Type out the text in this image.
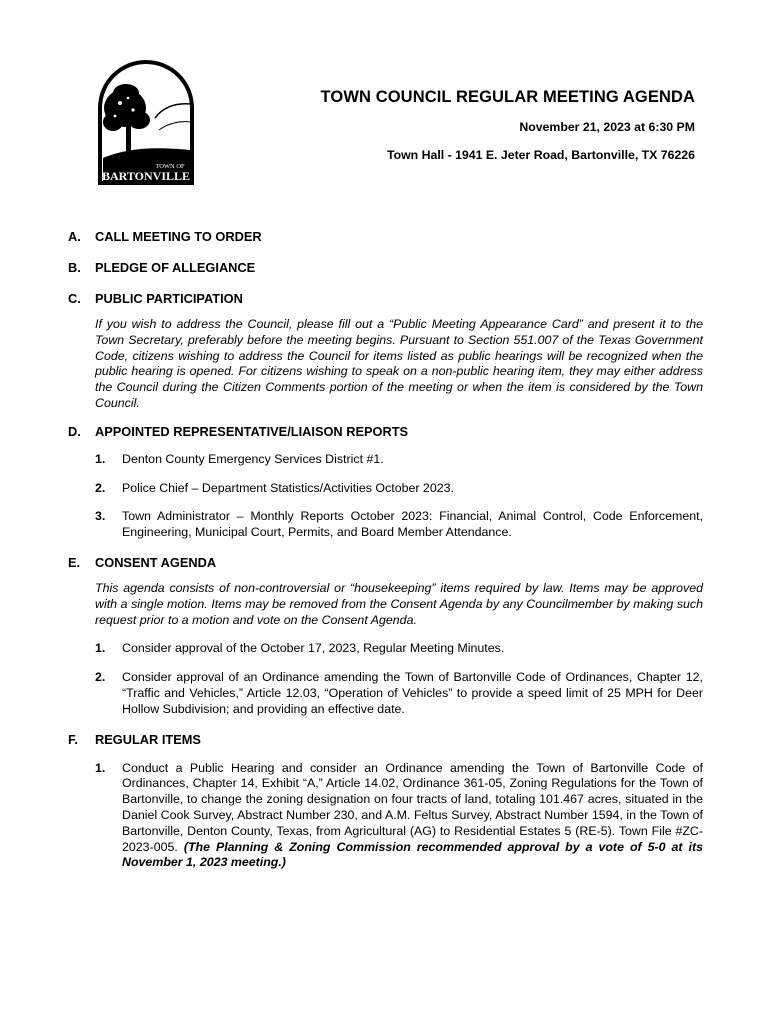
TOWN OF
BARTONVILLE
TOWN COUNCIL REGULAR MEETING AGENDA
November 21, 2023 at 6:30 PM
Town Hall - 1941 E. Jeter Road, Bartonville, TX 76226
A.	CALL MEETING TO ORDER
B.	PLEDGE OF ALLEGIANCE
C.	PUBLIC PARTICIPATION
If you wish to address the Council, please fill out a “Public Meeting Appearance Card” and present it to the Town Secretary, preferably before the meeting begins. Pursuant to Section 551.007 of the Texas Government Code, citizens wishing to address the Council for items listed as public hearings will be recognized when the public hearing is opened. For citizens wishing to speak on a non-public hearing item, they may either address the Council during the Citizen Comments portion of the meeting or when the item is considered by the Town Council.
D.	APPOINTED REPRESENTATIVE/LIAISON REPORTS
1.	Denton County Emergency Services District #1.
2.	Police Chief – Department Statistics/Activities October 2023.
3.	Town Administrator – Monthly Reports October 2023: Financial, Animal Control, Code Enforcement, Engineering, Municipal Court, Permits, and Board Member Attendance.
E.	CONSENT AGENDA
This agenda consists of non-controversial or “housekeeping” items required by law. Items may be approved with a single motion. Items may be removed from the Consent Agenda by any Councilmember by making such request prior to a motion and vote on the Consent Agenda.
1.	Consider approval of the October 17, 2023, Regular Meeting Minutes.
2.	Consider approval of an Ordinance amending the Town of Bartonville Code of Ordinances, Chapter 12, “Traffic and Vehicles,” Article 12.03, “Operation of Vehicles” to provide a speed limit of 25 MPH for Deer Hollow Subdivision; and providing an effective date.
F.	REGULAR ITEMS
1.	Conduct a Public Hearing and consider an Ordinance amending the Town of Bartonville Code of Ordinances, Chapter 14, Exhibit “A,” Article 14.02, Ordinance 361-05, Zoning Regulations for the Town of Bartonville, to change the zoning designation on four tracts of land, totaling 101.467 acres, situated in the Daniel Cook Survey, Abstract Number 230, and A.M. Feltus Survey, Abstract Number 1594, in the Town of Bartonville, Denton County, Texas, from Agricultural (AG) to Residential Estates 5 (RE-5). Town File #ZC-2023-005. (The Planning & Zoning Commission recommended approval by a vote of 5-0 at its November 1, 2023 meeting.)
